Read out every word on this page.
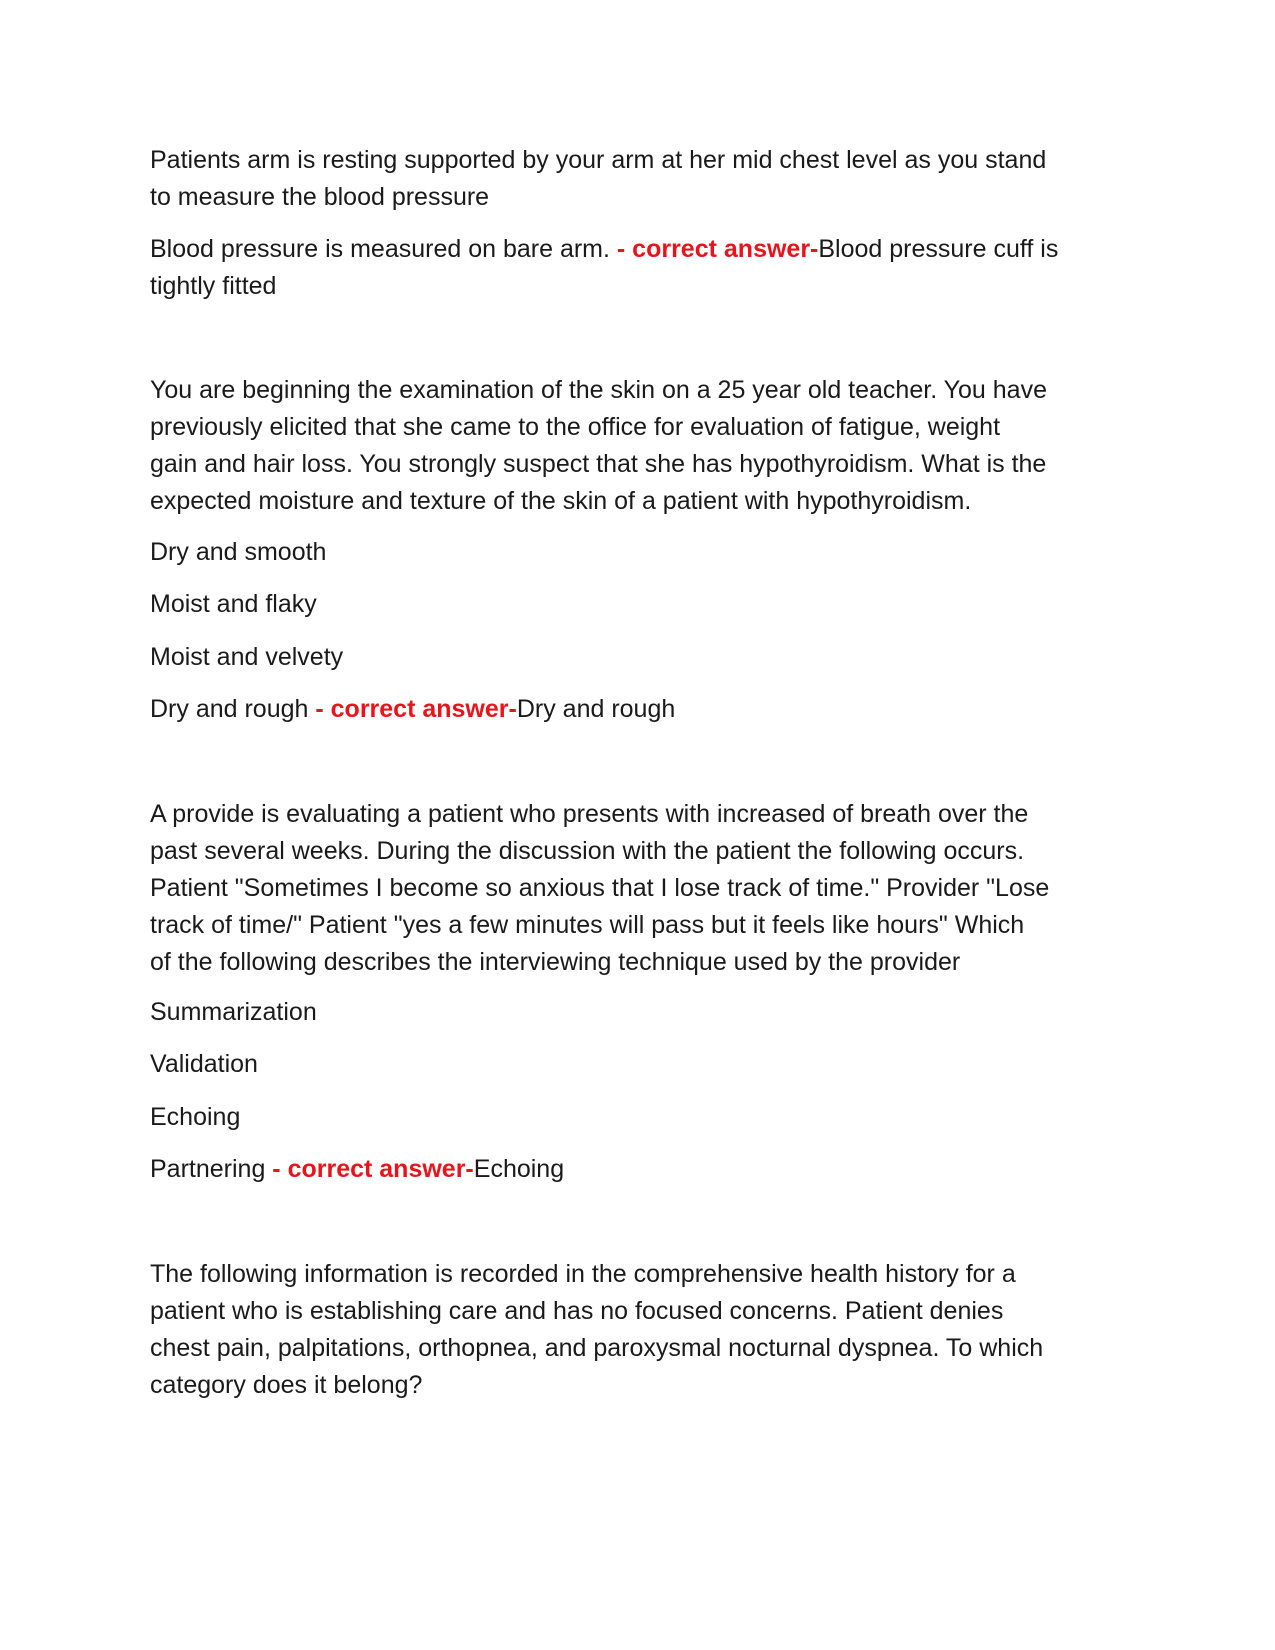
Patients arm is resting supported by your arm at her mid chest level as you stand
to measure the blood pressure

Blood pressure is measured on bare arm. - correct answer-Blood pressure cuff is
tightly fitted

You are beginning the examination of the skin on a 25 year old teacher. You have
previously elicited that she came to the office for evaluation of fatigue, weight
gain and hair loss. You strongly suspect that she has hypothyroidism. What is the
expected moisture and texture of the skin of a patient with hypothyroidism.

Dry and smooth

Moist and flaky

Moist and velvety

Dry and rough - correct answer-Dry and rough

A provide is evaluating a patient who presents with increased of breath over the
past several weeks. During the discussion with the patient the following occurs.
Patient "Sometimes I become so anxious that I lose track of time." Provider "Lose
track of time/" Patient "yes a few minutes will pass but it feels like hours" Which
of the following describes the interviewing technique used by the provider

Summarization

Validation

Echoing

Partnering - correct answer-Echoing

The following information is recorded in the comprehensive health history for a
patient who is establishing care and has no focused concerns. Patient denies
chest pain, palpitations, orthopnea, and paroxysmal nocturnal dyspnea. To which
category does it belong?
